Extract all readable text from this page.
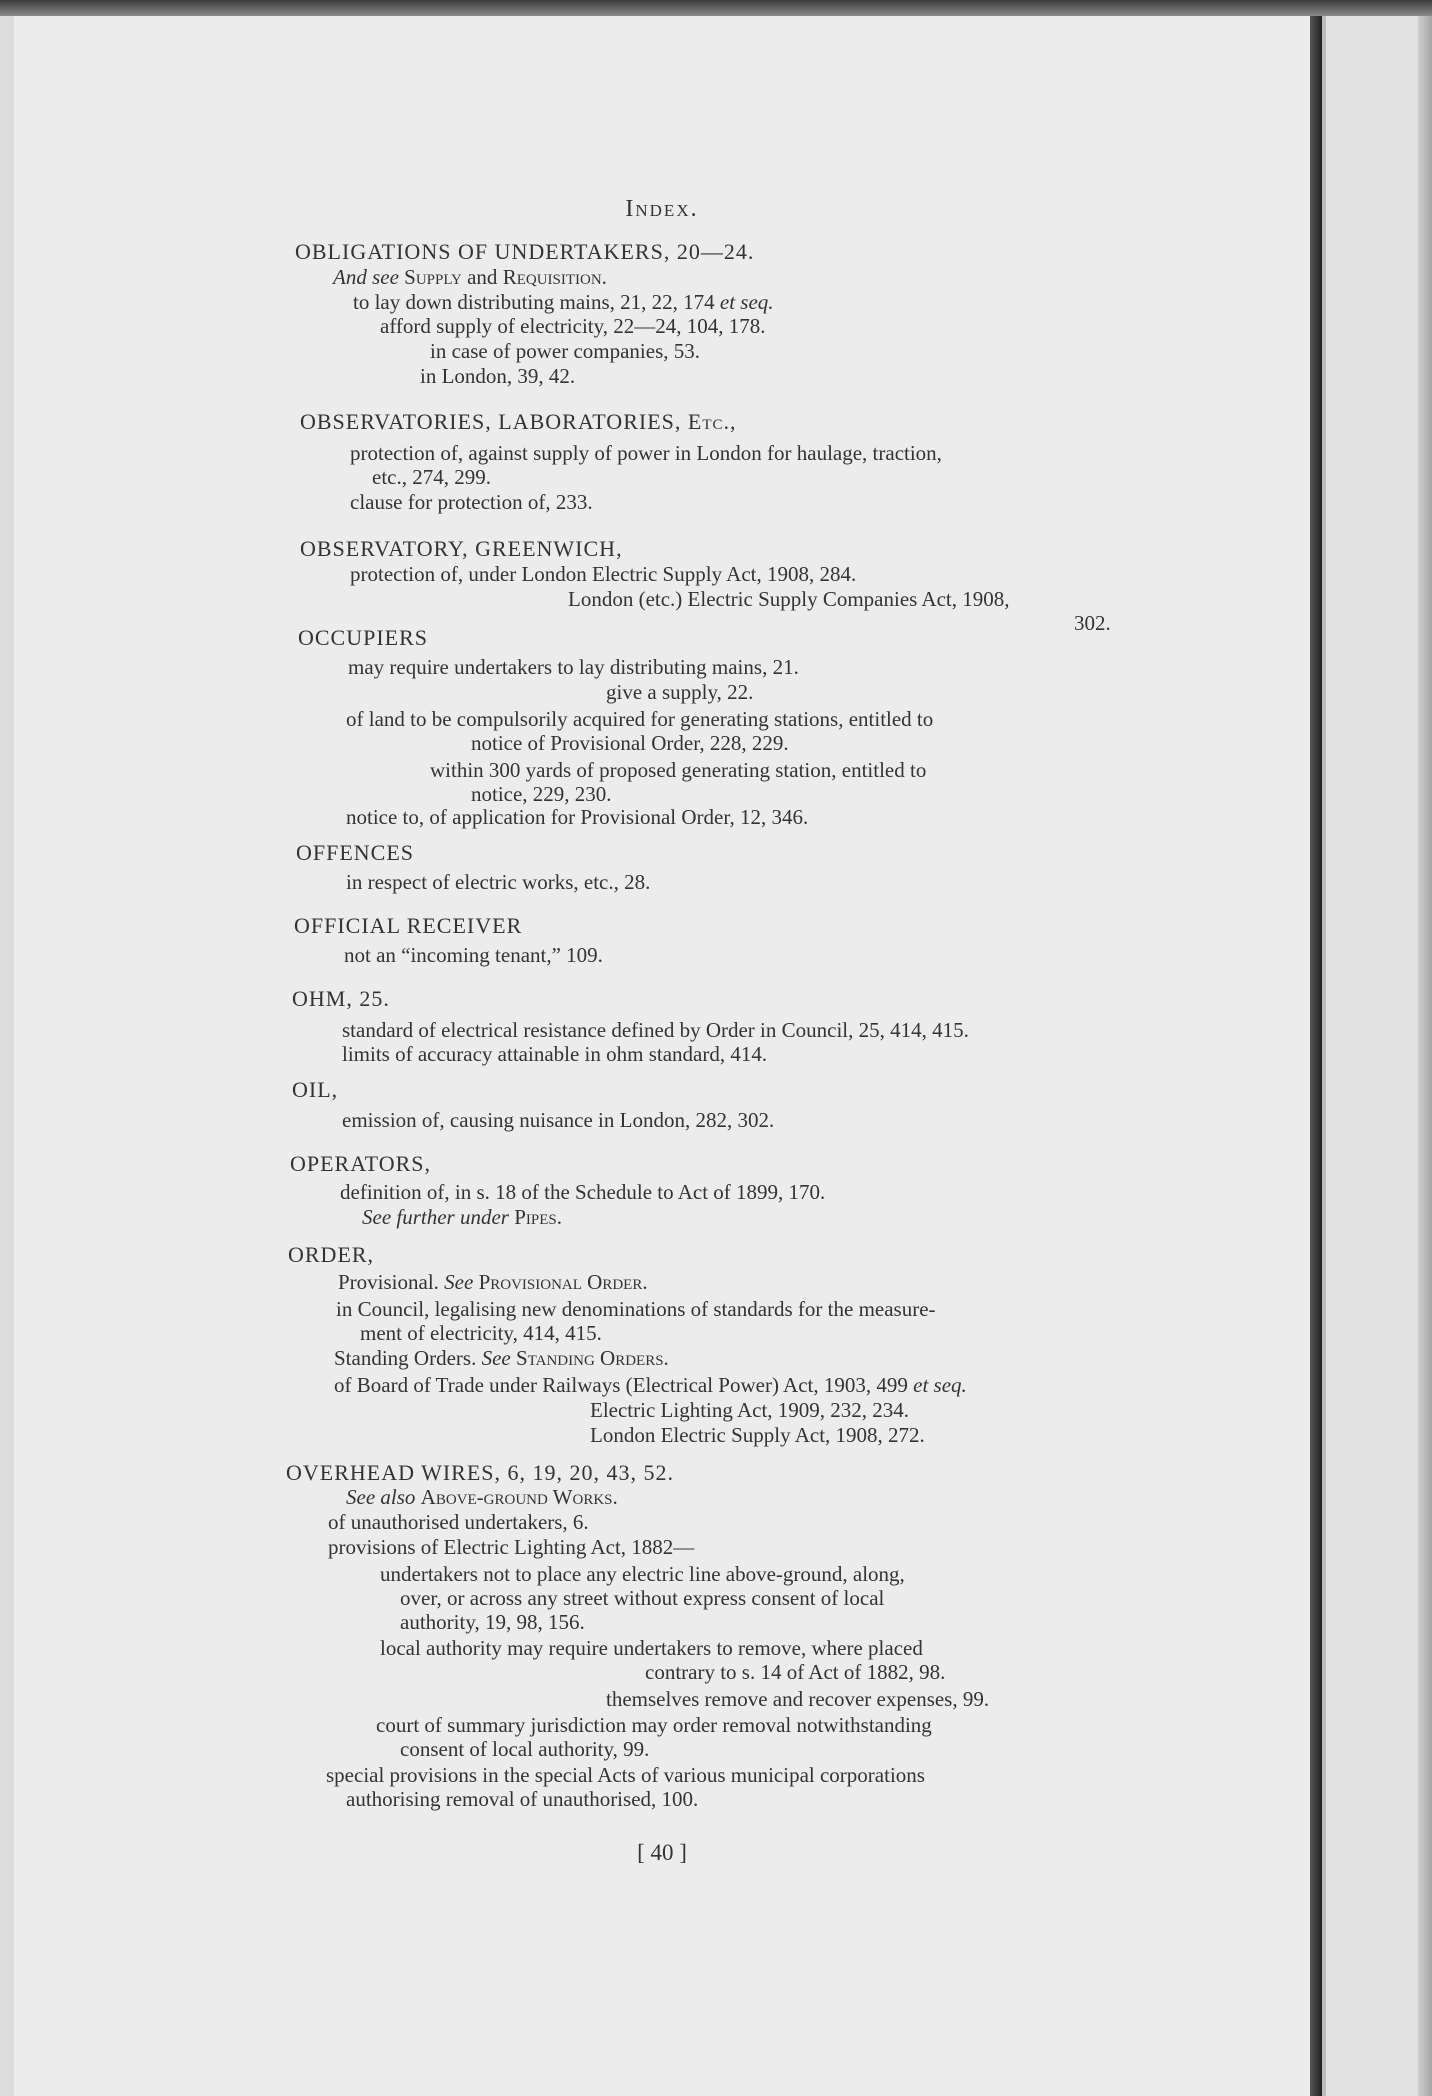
Index.
OBLIGATIONS OF UNDERTAKERS, 20—24.
And see Supply and Requisition.
to lay down distributing mains, 21, 22, 174 et seq.
afford supply of electricity, 22—24, 104, 178.
in case of power companies, 53.
in London, 39, 42.
OBSERVATORIES, LABORATORIES, Etc.,
protection of, against supply of power in London for haulage, traction,
etc., 274, 299.
clause for protection of, 233.
OBSERVATORY, GREENWICH,
protection of, under London Electric Supply Act, 1908, 284.
London (etc.) Electric Supply Companies Act, 1908,
302.
OCCUPIERS
may require undertakers to lay distributing mains, 21.
give a supply, 22.
of land to be compulsorily acquired for generating stations, entitled to
notice of Provisional Order, 228, 229.
within 300 yards of proposed generating station, entitled to
notice, 229, 230.
notice to, of application for Provisional Order, 12, 346.
OFFENCES
in respect of electric works, etc., 28.
OFFICIAL RECEIVER
not an “incoming tenant,” 109.
OHM, 25.
standard of electrical resistance defined by Order in Council, 25, 414, 415.
limits of accuracy attainable in ohm standard, 414.
OIL,
emission of, causing nuisance in London, 282, 302.
OPERATORS,
definition of, in s. 18 of the Schedule to Act of 1899, 170.
See further under Pipes.
ORDER,
Provisional. See Provisional Order.
in Council, legalising new denominations of standards for the measure-
ment of electricity, 414, 415.
Standing Orders. See Standing Orders.
of Board of Trade under Railways (Electrical Power) Act, 1903, 499 et seq.
Electric Lighting Act, 1909, 232, 234.
London Electric Supply Act, 1908, 272.
OVERHEAD WIRES, 6, 19, 20, 43, 52.
See also Above-ground Works.
of unauthorised undertakers, 6.
provisions of Electric Lighting Act, 1882—
undertakers not to place any electric line above-ground, along,
over, or across any street without express consent of local
authority, 19, 98, 156.
local authority may require undertakers to remove, where placed
contrary to s. 14 of Act of 1882, 98.
themselves remove and recover expenses, 99.
court of summary jurisdiction may order removal notwithstanding
consent of local authority, 99.
special provisions in the special Acts of various municipal corporations
authorising removal of unauthorised, 100.
[ 40 ]
